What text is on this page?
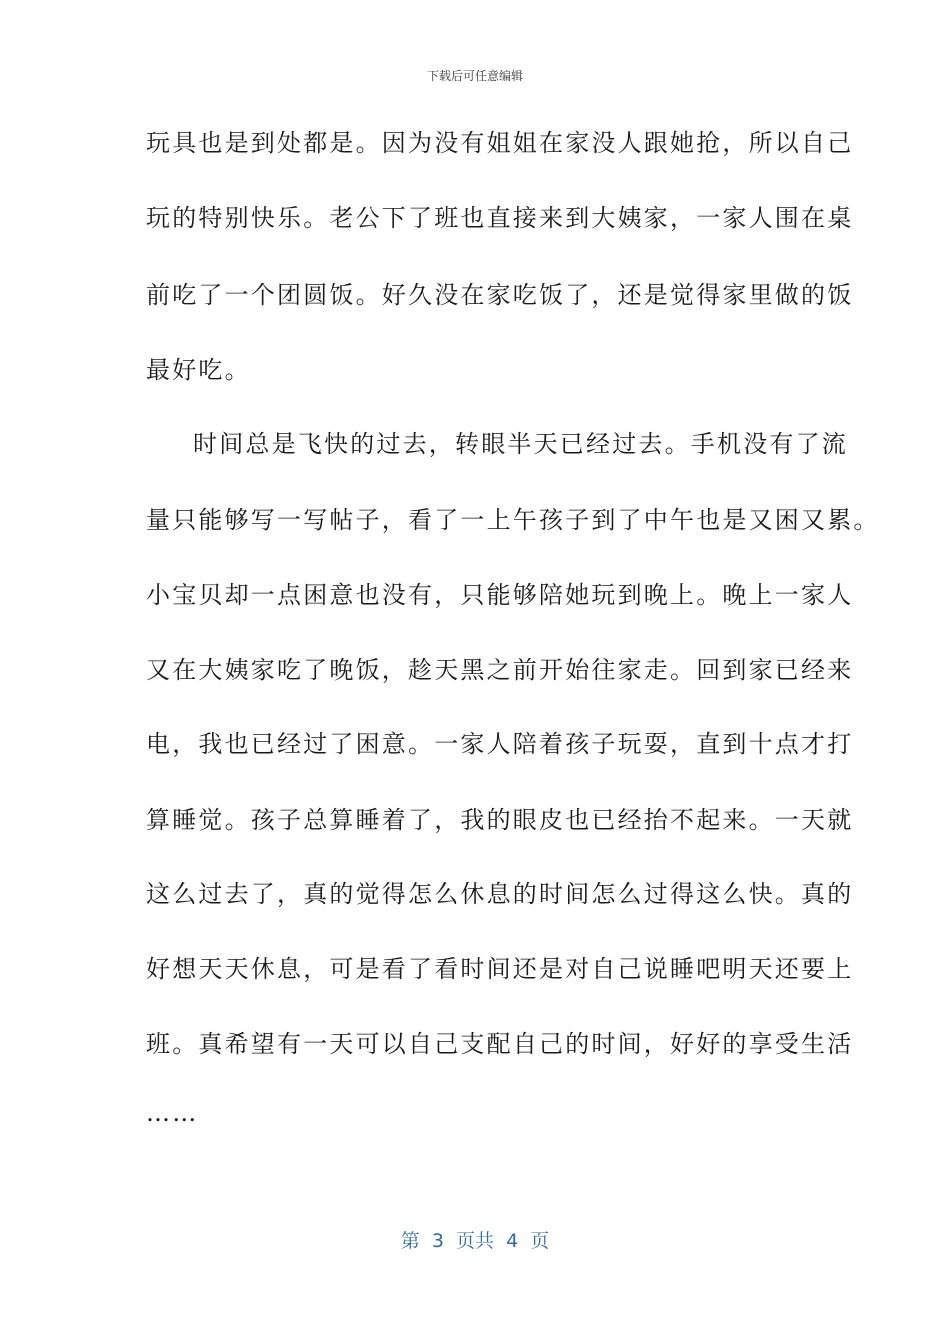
下载后可任意编辑
玩具也是到处都是。因为没有姐姐在家没人跟她抢，所以自己
玩的特别快乐。老公下了班也直接来到大姨家，一家人围在桌
前吃了一个团圆饭。好久没在家吃饭了，还是觉得家里做的饭
最好吃。
时间总是飞快的过去，转眼半天已经过去。手机没有了流
量只能够写一写帖子，看了一上午孩子到了中午也是又困又累。
小宝贝却一点困意也没有，只能够陪她玩到晚上。晚上一家人
又在大姨家吃了晚饭，趁天黑之前开始往家走。回到家已经来
电，我也已经过了困意。一家人陪着孩子玩耍，直到十点才打
算睡觉。孩子总算睡着了，我的眼皮也已经抬不起来。一天就
这么过去了，真的觉得怎么休息的时间怎么过得这么快。真的
好想天天休息，可是看了看时间还是对自己说睡吧明天还要上
班。真希望有一天可以自己支配自己的时间，好好的享受生活
……
第  3  页共  4  页
